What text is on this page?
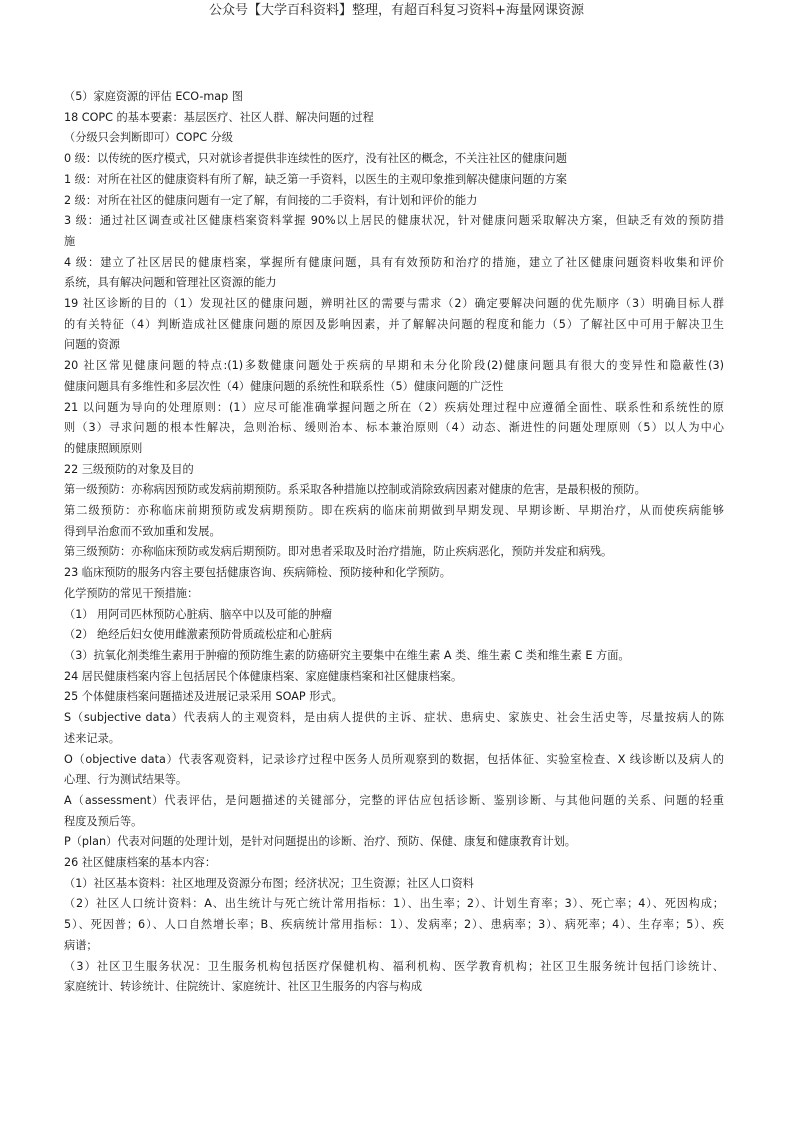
公众号【大学百科资料】整理，有超百科复习资料+海量网课资源
（5）家庭资源的评估 ECO-map 图
18 COPC 的基本要素：基层医疗、社区人群、解决问题的过程
（分级只会判断即可）COPC 分级
0 级：以传统的医疗模式，只对就诊者提供非连续性的医疗，没有社区的概念，不关注社区的健康问题
1 级：对所在社区的健康资料有所了解，缺乏第一手资料，以医生的主观印象推到解决健康问题的方案
2 级：对所在社区的健康问题有一定了解，有间接的二手资料，有计划和评价的能力
3 级：通过社区调查或社区健康档案资料掌握 90%以上居民的健康状况，针对健康问题采取解决方案，但缺乏有效的预防措
施
4 级：建立了社区居民的健康档案，掌握所有健康问题，具有有效预防和治疗的措施，建立了社区健康问题资料收集和评价
系统，具有解决问题和管理社区资源的能力
19 社区诊断的目的（1）发现社区的健康问题，辨明社区的需要与需求（2）确定要解决问题的优先顺序（3）明确目标人群
的有关特征（4）判断造成社区健康问题的原因及影响因素，并了解解决问题的程度和能力（5）了解社区中可用于解决卫生
问题的资源
20 社区常见健康问题的特点:(1)多数健康问题处于疾病的早期和未分化阶段(2)健康问题具有很大的变异性和隐蔽性(3)
健康问题具有多维性和多层次性（4）健康问题的系统性和联系性（5）健康问题的广泛性
21 以问题为导向的处理原则：(1）应尽可能准确掌握问题之所在（2）疾病处理过程中应遵循全面性、联系性和系统性的原
则（3）寻求问题的根本性解决，急则治标、缓则治本、标本兼治原则（4）动态、渐进性的问题处理原则（5）以人为中心
的健康照顾原则
22 三级预防的对象及目的
第一级预防：亦称病因预防或发病前期预防。系采取各种措施以控制或消除致病因素对健康的危害，是最积极的预防。
第二级预防：亦称临床前期预防或发病期预防。即在疾病的临床前期做到早期发现、早期诊断、早期治疗，从而使疾病能够
得到早治愈而不致加重和发展。
第三级预防：亦称临床预防或发病后期预防。即对患者采取及时治疗措施，防止疾病恶化，预防并发症和病残。
23 临床预防的服务内容主要包括健康咨询、疾病筛检、预防接种和化学预防。
化学预防的常见干预措施：
（1） 用阿司匹林预防心脏病、脑卒中以及可能的肿瘤
（2） 绝经后妇女使用雌激素预防骨质疏松症和心脏病
（3）抗氧化剂类维生素用于肿瘤的预防维生素的防癌研究主要集中在维生素 A 类、维生素 C 类和维生素 E 方面。
24 居民健康档案内容上包括居民个体健康档案、家庭健康档案和社区健康档案。
25 个体健康档案问题描述及进展记录采用 SOAP 形式。
S（subjective data）代表病人的主观资料，是由病人提供的主诉、症状、患病史、家族史、社会生活史等，尽量按病人的陈
述来记录。
O（objective data）代表客观资料，记录诊疗过程中医务人员所观察到的数据，包括体征、实验室检查、X 线诊断以及病人的
心理、行为测试结果等。
A（assessment）代表评估，是问题描述的关键部分，完整的评估应包括诊断、鉴别诊断、与其他问题的关系、问题的轻重
程度及预后等。
P（plan）代表对问题的处理计划，是针对问题提出的诊断、治疗、预防、保健、康复和健康教育计划。
26 社区健康档案的基本内容：
（1）社区基本资料：社区地理及资源分布图；经济状况；卫生资源；社区人口资料
（2）社区人口统计资料：A、出生统计与死亡统计常用指标：1）、出生率；2）、计划生育率；3）、死亡率；4）、死因构成；
5）、死因普；6）、人口自然增长率；B、疾病统计常用指标：1）、发病率；2）、患病率；3）、病死率；4）、生存率；5）、疾
病谱；
（3）社区卫生服务状况：卫生服务机构包括医疗保健机构、福利机构、医学教育机构；社区卫生服务统计包括门诊统计、
家庭统计、转诊统计、住院统计、家庭统计、社区卫生服务的内容与构成
